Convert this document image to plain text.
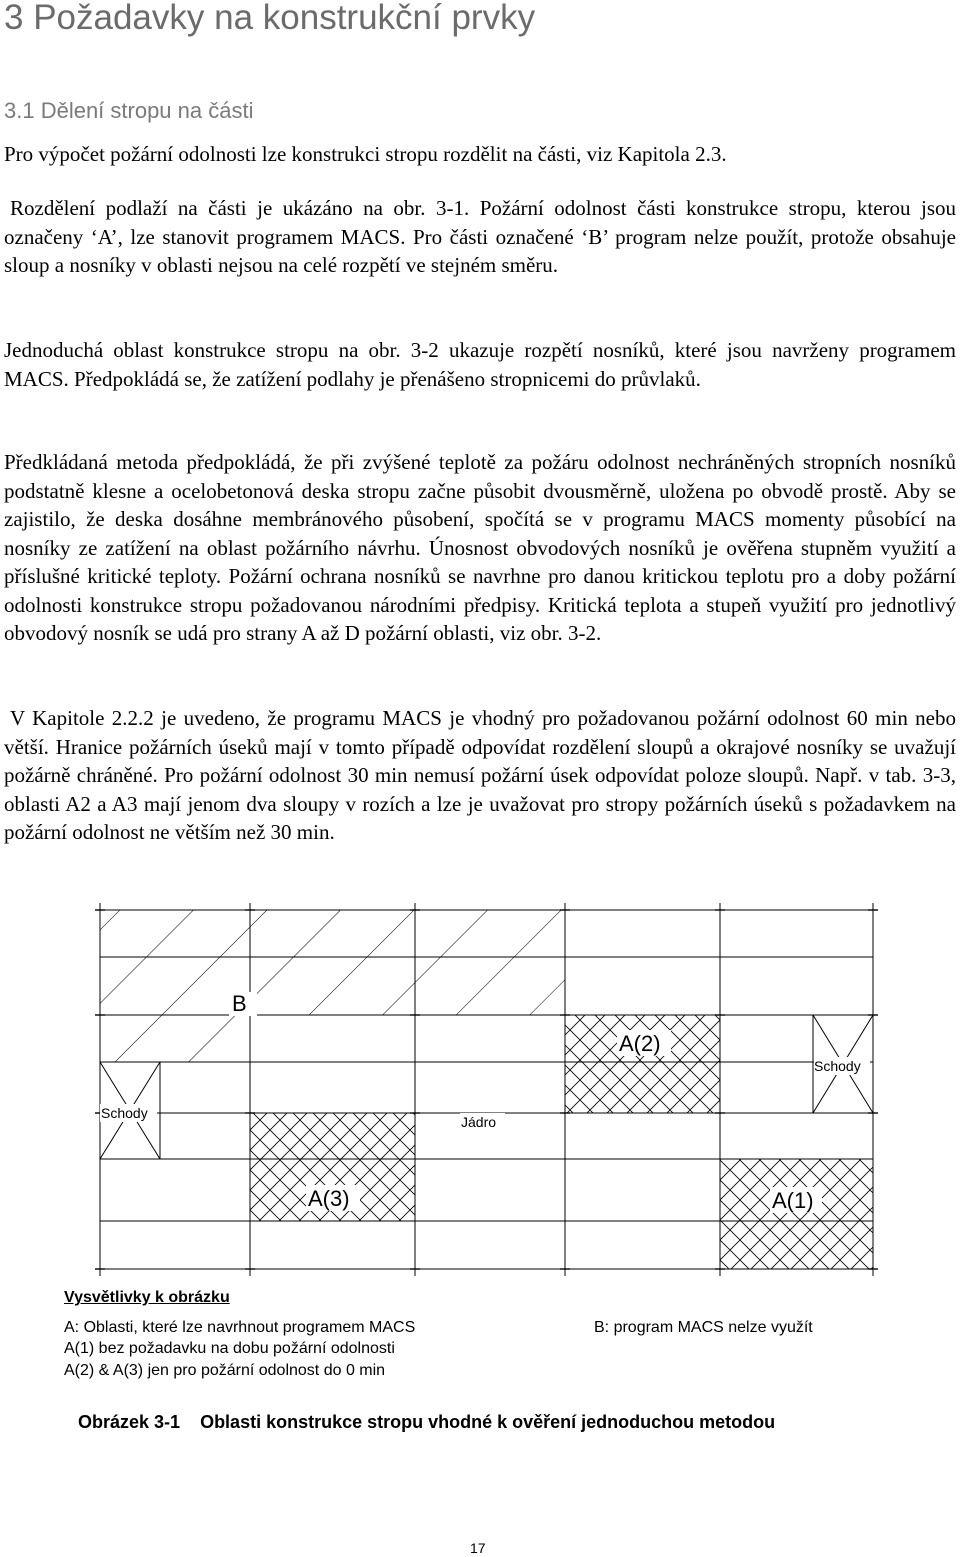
3 Požadavky na konstrukční prvky
3.1 Dělení stropu na části
Pro výpočet požární odolnosti lze konstrukci stropu rozdělit na části, viz Kapitola 2.3.
Rozdělení podlaží na části je ukázáno na obr. 3-1. Požární odolnost části konstrukce stropu, kterou jsou označeny ‘A’, lze stanovit programem MACS. Pro části označené ‘B’ program nelze použít, protože obsahuje sloup a nosníky v oblasti nejsou na celé rozpětí ve stejném směru.
Jednoduchá oblast konstrukce stropu na obr. 3-2 ukazuje rozpětí nosníků, které jsou navrženy programem MACS. Předpokládá se, že zatížení podlahy je přenášeno stropnicemi do průvlaků.
Předkládaná metoda předpokládá, že při zvýšené teplotě za požáru odolnost nechráněných stropních nosníků podstatně klesne a ocelobetonová deska stropu začne působit dvousměrně, uložena po obvodě prostě. Aby se zajistilo, že deska dosáhne membránového působení, spočítá se v programu MACS momenty působící na nosníky ze zatížení na oblast požárního návrhu. Únosnost obvodových nosníků je ověřena stupněm využití a příslušné kritické teploty. Požární ochrana nosníků se navrhne pro danou kritickou teplotu pro a doby požární odolnosti konstrukce stropu požadovanou národními předpisy. Kritická teplota a stupeň využití pro jednotlivý obvodový nosník se udá pro strany A až D požární oblasti, viz obr. 3-2.
V Kapitole 2.2.2 je uvedeno, že programu MACS je vhodný pro požadovanou požární odolnost 60 min nebo větší. Hranice požárních úseků mají v tomto případě odpovídat rozdělení sloupů a okrajové nosníky se uvažují požárně chráněné. Pro požární odolnost 30 min nemusí požární úsek odpovídat poloze sloupů. Např. v tab. 3-3, oblasti A2 a A3 mají jenom dva sloupy v rozích a lze je uvažovat pro stropy požárních úseků s požadavkem na požární odolnost ne větším než 30 min.
B
A(2)
Schody
Schody
Jádro
A(3)	A(1)
Vysvětlivky k obrázku
A: Oblasti, které lze navrhnout programem MACS	B: program MACS nelze využít
A(1) bez požadavku na dobu požární odolnosti
A(2) & A(3) jen pro požární odolnost do 0 min
Obrázek 3-1 Oblasti konstrukce stropu vhodné k ověření jednoduchou metodou
17
